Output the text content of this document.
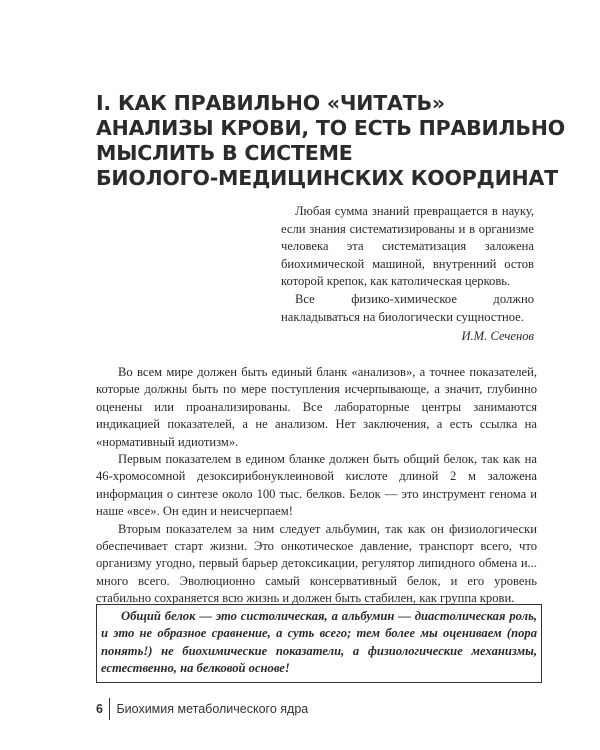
I. КАК ПРАВИЛЬНО «ЧИТАТЬ»
АНАЛИЗЫ КРОВИ, ТО ЕСТЬ ПРАВИЛЬНО
МЫСЛИТЬ В СИСТЕМЕ
БИОЛОГО-МЕДИЦИНСКИХ КООРДИНАТ

Любая сумма знаний превращается в науку, если знания систематизированы и в организме человека эта систематизация заложена биохимической машиной, внутренний остов которой крепок, как католическая церковь.

Все физико-химическое должно накладываться на биологически сущностное.

И.М. Сеченов

Во всем мире должен быть единый бланк «анализов», а точнее показателей, которые должны быть по мере поступления исчерпывающе, а значит, глубинно оценены или проанализированы. Все лабораторные центры занимаются индикацией показателей, а не анализом. Нет заключения, а есть ссылка на «нормативный идиотизм».

Первым показателем в едином бланке должен быть общий белок, так как на 46-хромосомной дезоксирибонуклеиновой кислоте длиной 2 м заложена информация о синтезе около 100 тыс. белков. Белок — это инструмент генома и наше «все». Он един и неисчерпаем!

Вторым показателем за ним следует альбумин, так как он физиологически обеспечивает старт жизни. Это онкотическое давление, транспорт всего, что организму угодно, первый барьер детоксикации, регулятор липидного обмена и... много всего. Эволюционно самый консервативный белок, и его уровень стабильно сохраняется всю жизнь и должен быть стабилен, как группа крови.

Общий белок — это систолическая, а альбумин — диастолическая роль, и это не образное сравнение, а суть всего; тем более мы оцениваем (пора понять!) не биохимические показатели, а физиологические механизмы, естественно, на белковой основе!

6 Биохимия метаболического ядра
